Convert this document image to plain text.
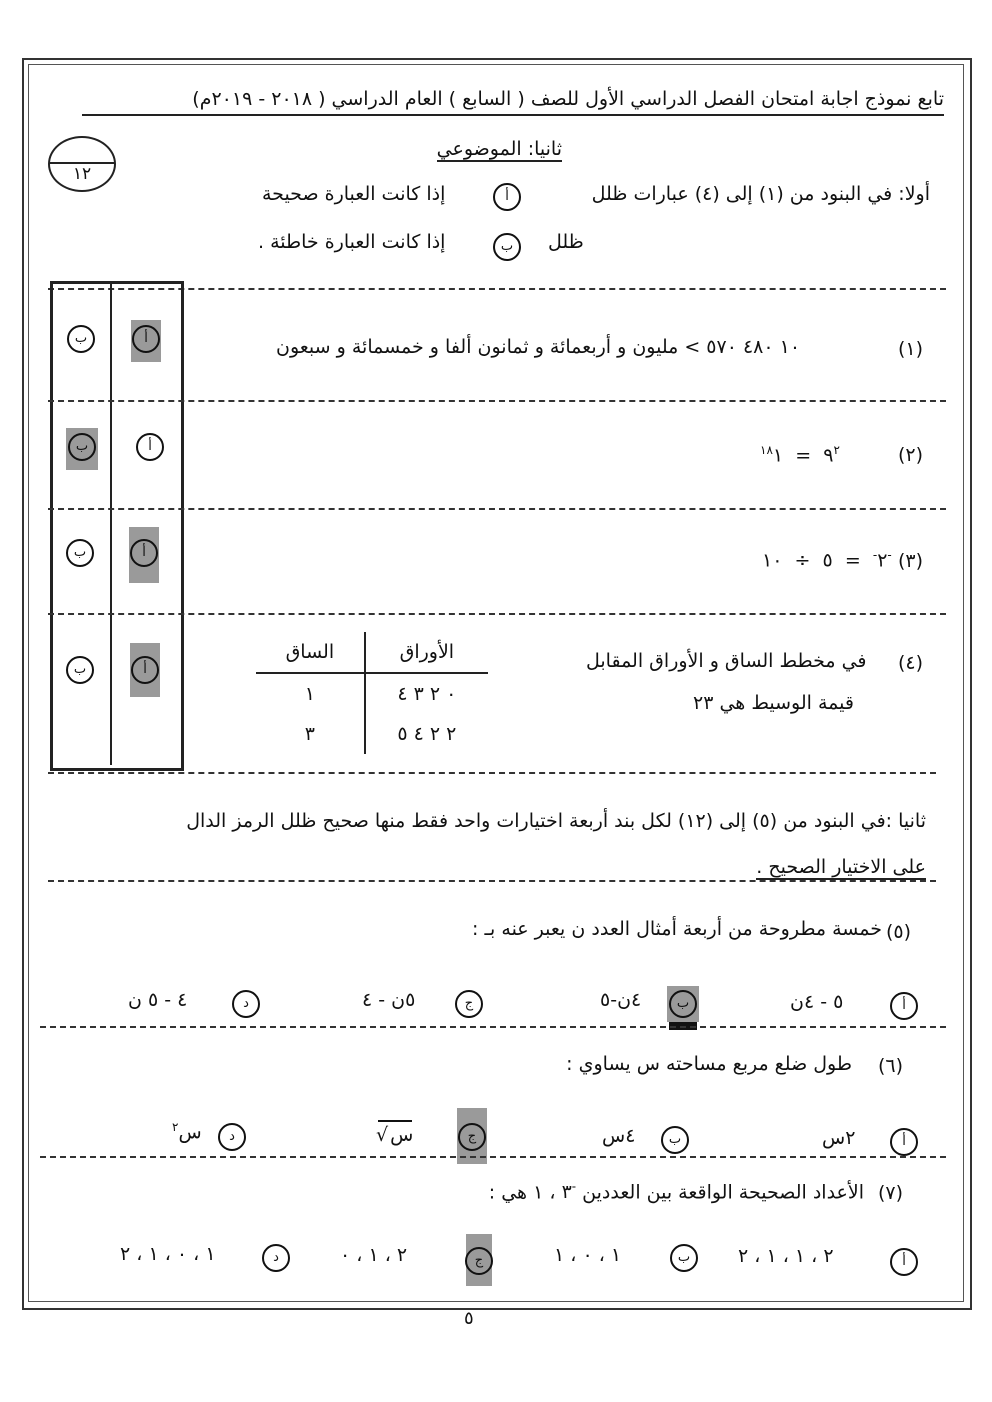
تابع نموذج اجابة امتحان الفصل الدراسي الأول للصف ( السابع ) العام الدراسي ( ٢٠١٨ - ٢٠١٩م)
١٢
ثانيا: الموضوعي
أولا: في البنود من (١) إلى (٤) عبارات ظلل
أ
إذا كانت العبارة صحيحة
ظلل
ب
إذا كانت العبارة خاطئة .
(١)
١٠ ٤٨٠ ٥٧٠ > مليون و أربعمائة و ثمانون ألفا و خمسمائة و سبعون
أ
ب
(٢)
$٩^٢$  =  $^{١٨}$١
أ
ب
(٣)
٢-  =  ٥  ÷  ١٠	-
أ
ب
(٤)
في مخطط الساق و الأوراق المقابل
قيمة الوسيط هي ٢٣
الأوراق	الساق
٠ ٢ ٣ ٤	١
٢ ٢ ٤ ٥	٣
أ
ب
ثانيا :في البنود من (٥) إلى (١٢) لكل بند أربعة اختيارات واحد فقط منها صحيح ظلل الرمز الدال
على الاختيار الصحيح .
(٥)
خمسة مطروحة من أربعة أمثال العدد ن يعبر عنه بـ :
أ
٥ - ٤ن
ب
٤ن-٥
ج
٥ن - ٤
د
٤ - ٥ ن
(٦)
طول ضلع مربع مساحته س يساوي :
أ
٢س
ب
٤س
ج
س√
د
س$^٢$
(٧)
الأعداد الصحيحة الواقعة بين العددين -٣ ، ١ هي :
أ
٢ ، ١ ، ١ ، ٢
ب
١ ، ٠ ، ١
ج
٢ ، ١ ، ٠
د
١ ، ٠ ، ١ ، ٢
٥
